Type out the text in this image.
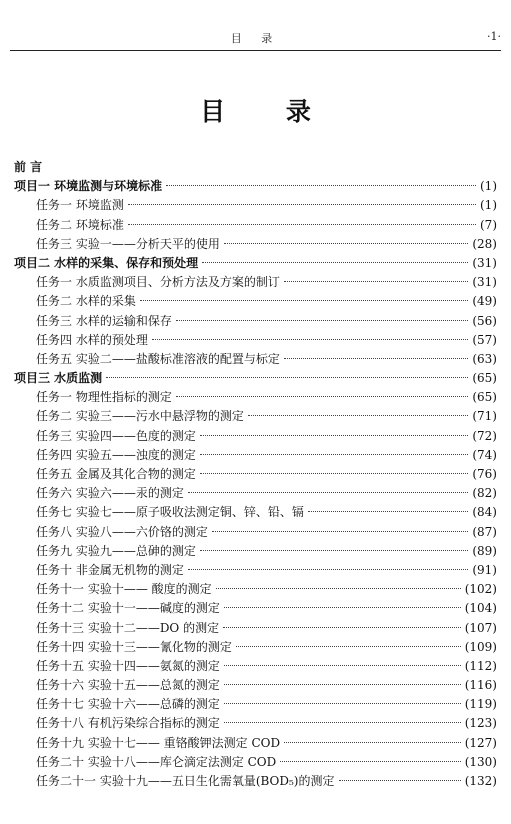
目 录	·1·
目 录
前 言
项目一 环境监测与环境标准	(1)
任务一 环境监测	(1)
任务二 环境标准	(7)
任务三 实验一——分析天平的使用	(28)
项目二 水样的采集、保存和预处理	(31)
任务一 水质监测项目、分析方法及方案的制订	(31)
任务二 水样的采集	(49)
任务三 水样的运输和保存	(56)
任务四 水样的预处理	(57)
任务五 实验二——盐酸标准溶液的配置与标定	(63)
项目三 水质监测	(65)
任务一 物理性指标的测定	(65)
任务二 实验三——污水中悬浮物的测定	(71)
任务三 实验四——色度的测定	(72)
任务四 实验五——浊度的测定	(74)
任务五 金属及其化合物的测定	(76)
任务六 实验六——汞的测定	(82)
任务七 实验七——原子吸收法测定铜、锌、铅、镉	(84)
任务八 实验八——六价铬的测定	(87)
任务九 实验九——总砷的测定	(89)
任务十 非金属无机物的测定	(91)
任务十一 实验十—— 酸度的测定	(102)
任务十二 实验十一——碱度的测定	(104)
任务十三 实验十二——DO 的测定	(107)
任务十四 实验十三——氰化物的测定	(109)
任务十五 实验十四——氨氮的测定	(112)
任务十六 实验十五——总氮的测定	(116)
任务十七 实验十六——总磷的测定	(119)
任务十八 有机污染综合指标的测定	(123)
任务十九 实验十七—— 重铬酸钾法测定 COD	(127)
任务二十 实验十八——库仑滴定法测定 COD	(130)
任务二十一 实验十九——五日生化需氧量(BOD₅)的测定	(132)
